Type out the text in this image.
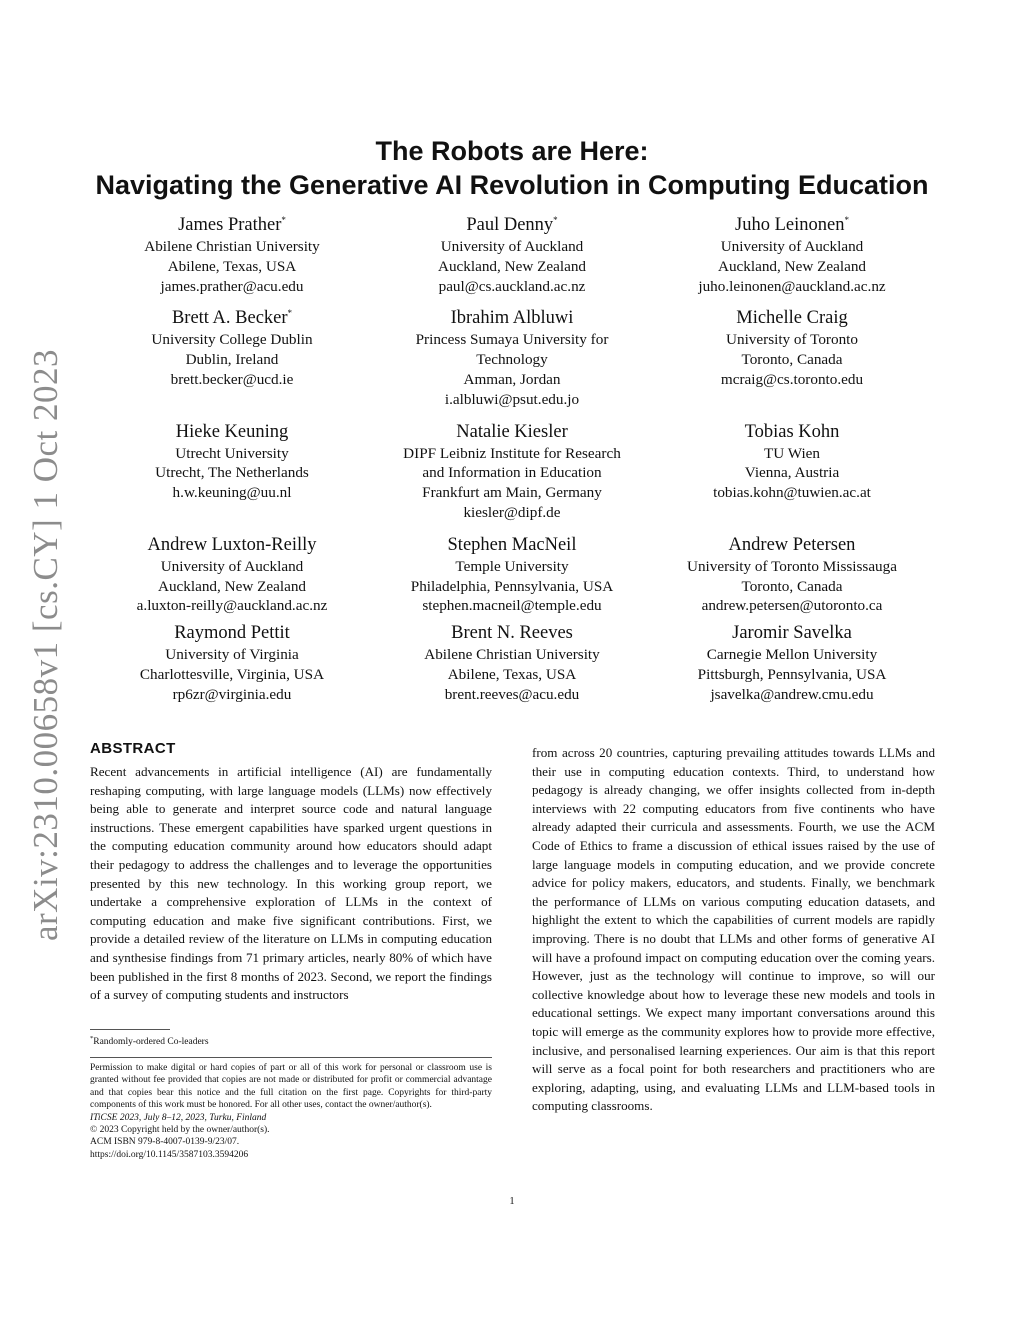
arXiv:2310.00658v1 [cs.CY] 1 Oct 2023
The Robots are Here:
Navigating the Generative AI Revolution in Computing Education
James Prather*
Abilene Christian University
Abilene, Texas, USA
james.prather@acu.edu
Paul Denny*
University of Auckland
Auckland, New Zealand
paul@cs.auckland.ac.nz
Juho Leinonen*
University of Auckland
Auckland, New Zealand
juho.leinonen@auckland.ac.nz
Brett A. Becker*
University College Dublin
Dublin, Ireland
brett.becker@ucd.ie
Ibrahim Albluwi
Princess Sumaya University for
Technology
Amman, Jordan
i.albluwi@psut.edu.jo
Michelle Craig
University of Toronto
Toronto, Canada
mcraig@cs.toronto.edu
Hieke Keuning
Utrecht University
Utrecht, The Netherlands
h.w.keuning@uu.nl
Natalie Kiesler
DIPF Leibniz Institute for Research
and Information in Education
Frankfurt am Main, Germany
kiesler@dipf.de
Tobias Kohn
TU Wien
Vienna, Austria
tobias.kohn@tuwien.ac.at
Andrew Luxton-Reilly
University of Auckland
Auckland, New Zealand
a.luxton-reilly@auckland.ac.nz
Stephen MacNeil
Temple University
Philadelphia, Pennsylvania, USA
stephen.macneil@temple.edu
Andrew Petersen
University of Toronto Mississauga
Toronto, Canada
andrew.petersen@utoronto.ca
Raymond Pettit
University of Virginia
Charlottesville, Virginia, USA
rp6zr@virginia.edu
Brent N. Reeves
Abilene Christian University
Abilene, Texas, USA
brent.reeves@acu.edu
Jaromir Savelka
Carnegie Mellon University
Pittsburgh, Pennsylvania, USA
jsavelka@andrew.cmu.edu
ABSTRACT

Recent advancements in artificial intelligence (AI) are fundamentally reshaping computing, with large language models (LLMs) now effectively being able to generate and interpret source code and natural language instructions. These emergent capabilities have sparked urgent questions in the computing education community around how educators should adapt their pedagogy to address the challenges and to leverage the opportunities presented by this new technology. In this working group report, we undertake a comprehensive exploration of LLMs in the context of computing education and make five significant contributions. First, we provide a detailed review of the literature on LLMs in computing education and synthesise findings from 71 primary articles, nearly 80% of which have been published in the first 8 months of 2023. Second, we report the findings of a survey of computing students and instructors

from across 20 countries, capturing prevailing attitudes towards LLMs and their use in computing education contexts. Third, to understand how pedagogy is already changing, we offer insights collected from in-depth interviews with 22 computing educators from five continents who have already adapted their curricula and assessments. Fourth, we use the ACM Code of Ethics to frame a discussion of ethical issues raised by the use of large language models in computing education, and we provide concrete advice for policy makers, educators, and students. Finally, we benchmark the performance of LLMs on various computing education datasets, and highlight the extent to which the capabilities of current models are rapidly improving. There is no doubt that LLMs and other forms of generative AI will have a profound impact on computing education over the coming years. However, just as the technology will continue to improve, so will our collective knowledge about how to leverage these new models and tools in educational settings. We expect many important conversations around this topic will emerge as the community explores how to provide more effective, inclusive, and personalised learning experiences. Our aim is that this report will serve as a focal point for both researchers and practitioners who are exploring, adapting, using, and evaluating LLMs and LLM-based tools in computing classrooms.

*Randomly-ordered Co-leaders

Permission to make digital or hard copies of part or all of this work for personal or classroom use is granted without fee provided that copies are not made or distributed for profit or commercial advantage and that copies bear this notice and the full citation on the first page. Copyrights for third-party components of this work must be honored. For all other uses, contact the owner/author(s).

ITiCSE 2023, July 8–12, 2023, Turku, Finland
© 2023 Copyright held by the owner/author(s).
ACM ISBN 979-8-4007-0139-9/23/07.
https://doi.org/10.1145/3587103.3594206
1
